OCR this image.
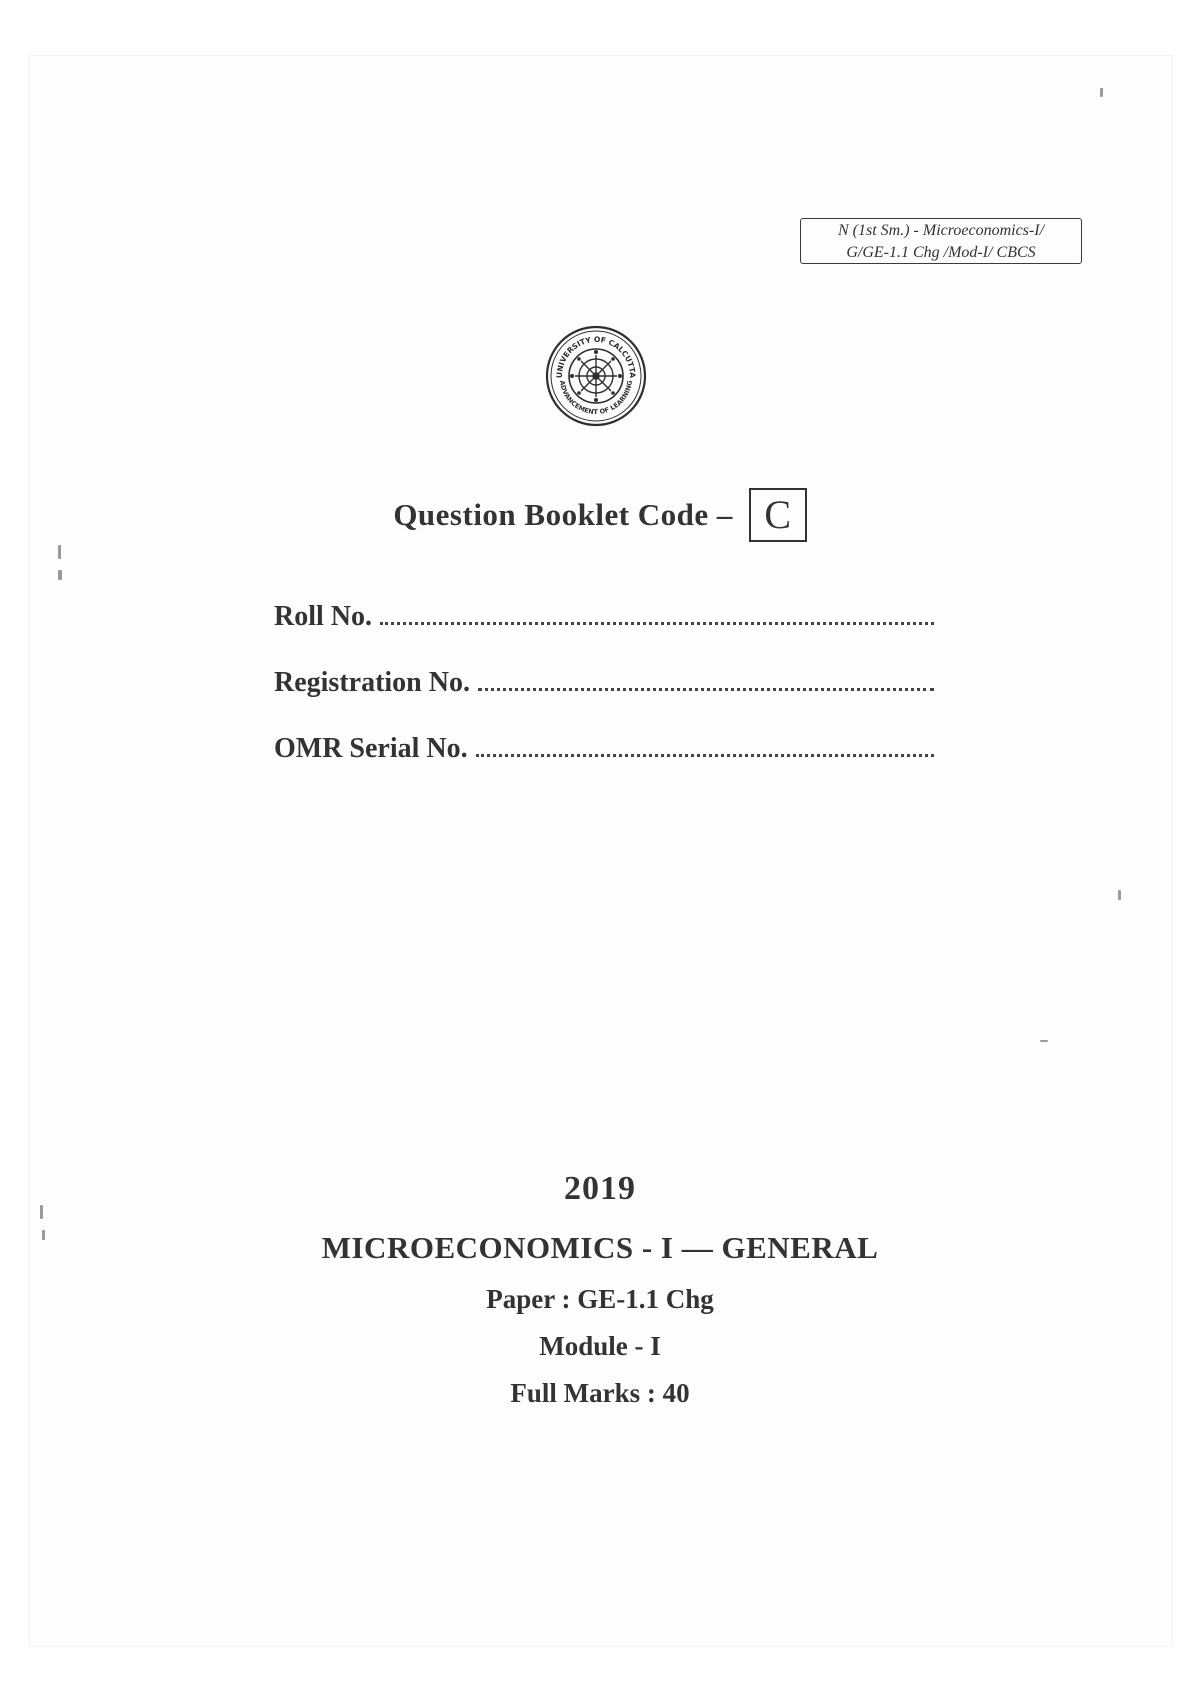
N (1st Sm.) - Microeconomics-I/
G/GE-1.1 Chg /Mod-I/ CBCS
UNIVERSITY OF CALCUTTA
ADVANCEMENT OF LEARNING
Question Booklet Code – C
Roll No.
Registration No.
OMR Serial No.
2019
MICROECONOMICS - I — GENERAL
Paper : GE-1.1 Chg
Module - I
Full Marks : 40
